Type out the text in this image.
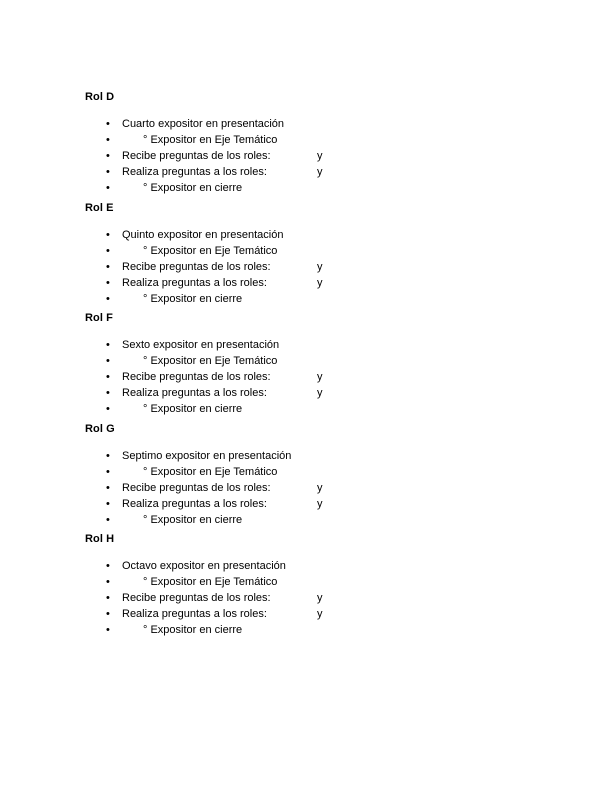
Rol D
• Cuarto expositor en presentación
•	° Expositor en Eje Temático
• Recibe preguntas de los roles:	y
• Realiza preguntas a los roles:	y
•	° Expositor en cierre
Rol E
• Quinto expositor en presentación
•	° Expositor en Eje Temático
• Recibe preguntas de los roles:	y
• Realiza preguntas a los roles:	y
•	° Expositor en cierre
Rol F
• Sexto expositor en presentación
•	° Expositor en Eje Temático
• Recibe preguntas de los roles:	y
• Realiza preguntas a los roles:	y
•	° Expositor en cierre
Rol G
• Septimo expositor en presentación
•	° Expositor en Eje Temático
• Recibe preguntas de los roles:	y
• Realiza preguntas a los roles:	y
•	° Expositor en cierre
Rol H
• Octavo expositor en presentación
•	° Expositor en Eje Temático
• Recibe preguntas de los roles:	y
• Realiza preguntas a los roles:	y
•	° Expositor en cierre
